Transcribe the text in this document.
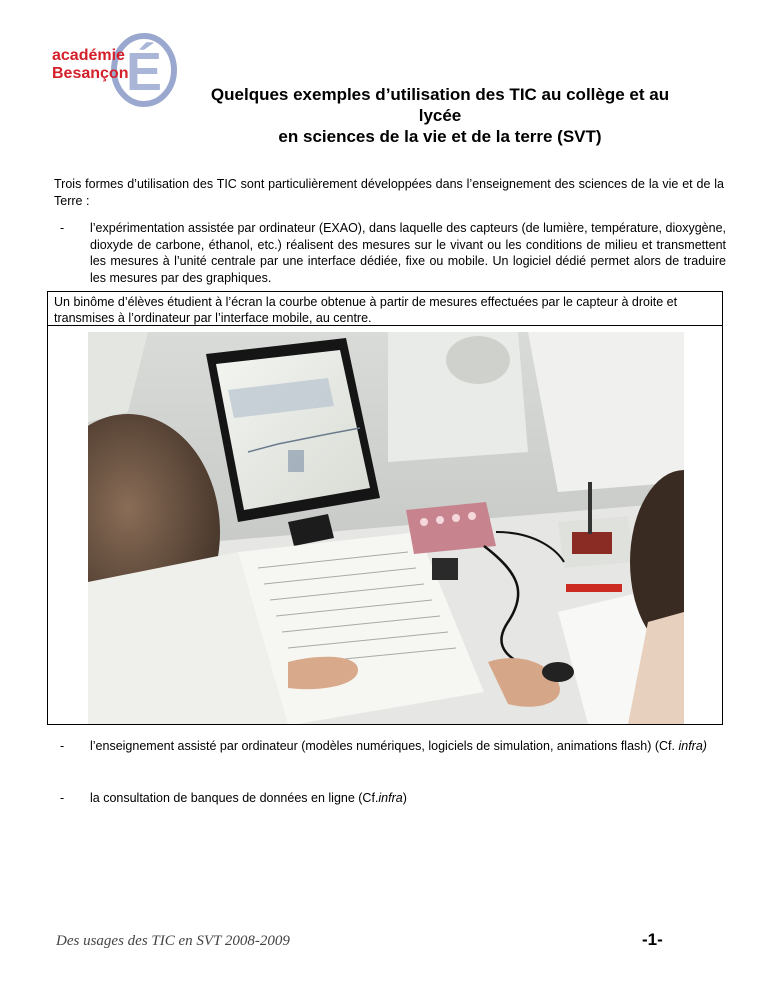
É
académie
Besançon
Quelques exemples d’utilisation des TIC au collège et au
lycée
en sciences de la vie et de la terre (SVT)
Trois formes d’utilisation des TIC sont particulièrement développées dans l’enseignement des sciences de la vie et de la Terre :
- l’expérimentation assistée par ordinateur (EXAO), dans laquelle des capteurs (de lumière, température, dioxygène, dioxyde de carbone, éthanol, etc.) réalisent des mesures sur le vivant ou les conditions de milieu et transmettent les mesures à l’unité centrale par une interface dédiée, fixe ou mobile. Un logiciel dédié permet alors de traduire les mesures par des graphiques.
Un binôme d’élèves étudient à l’écran la courbe obtenue à partir de mesures effectuées par le capteur à droite et transmises à l’ordinateur par l’interface mobile, au centre.
- l’enseignement assisté par ordinateur (modèles numériques, logiciels de simulation, animations flash) (Cf. infra)
- la consultation de banques de données en ligne (Cf.infra)
Des usages des TIC en SVT 2008-2009	-1-
